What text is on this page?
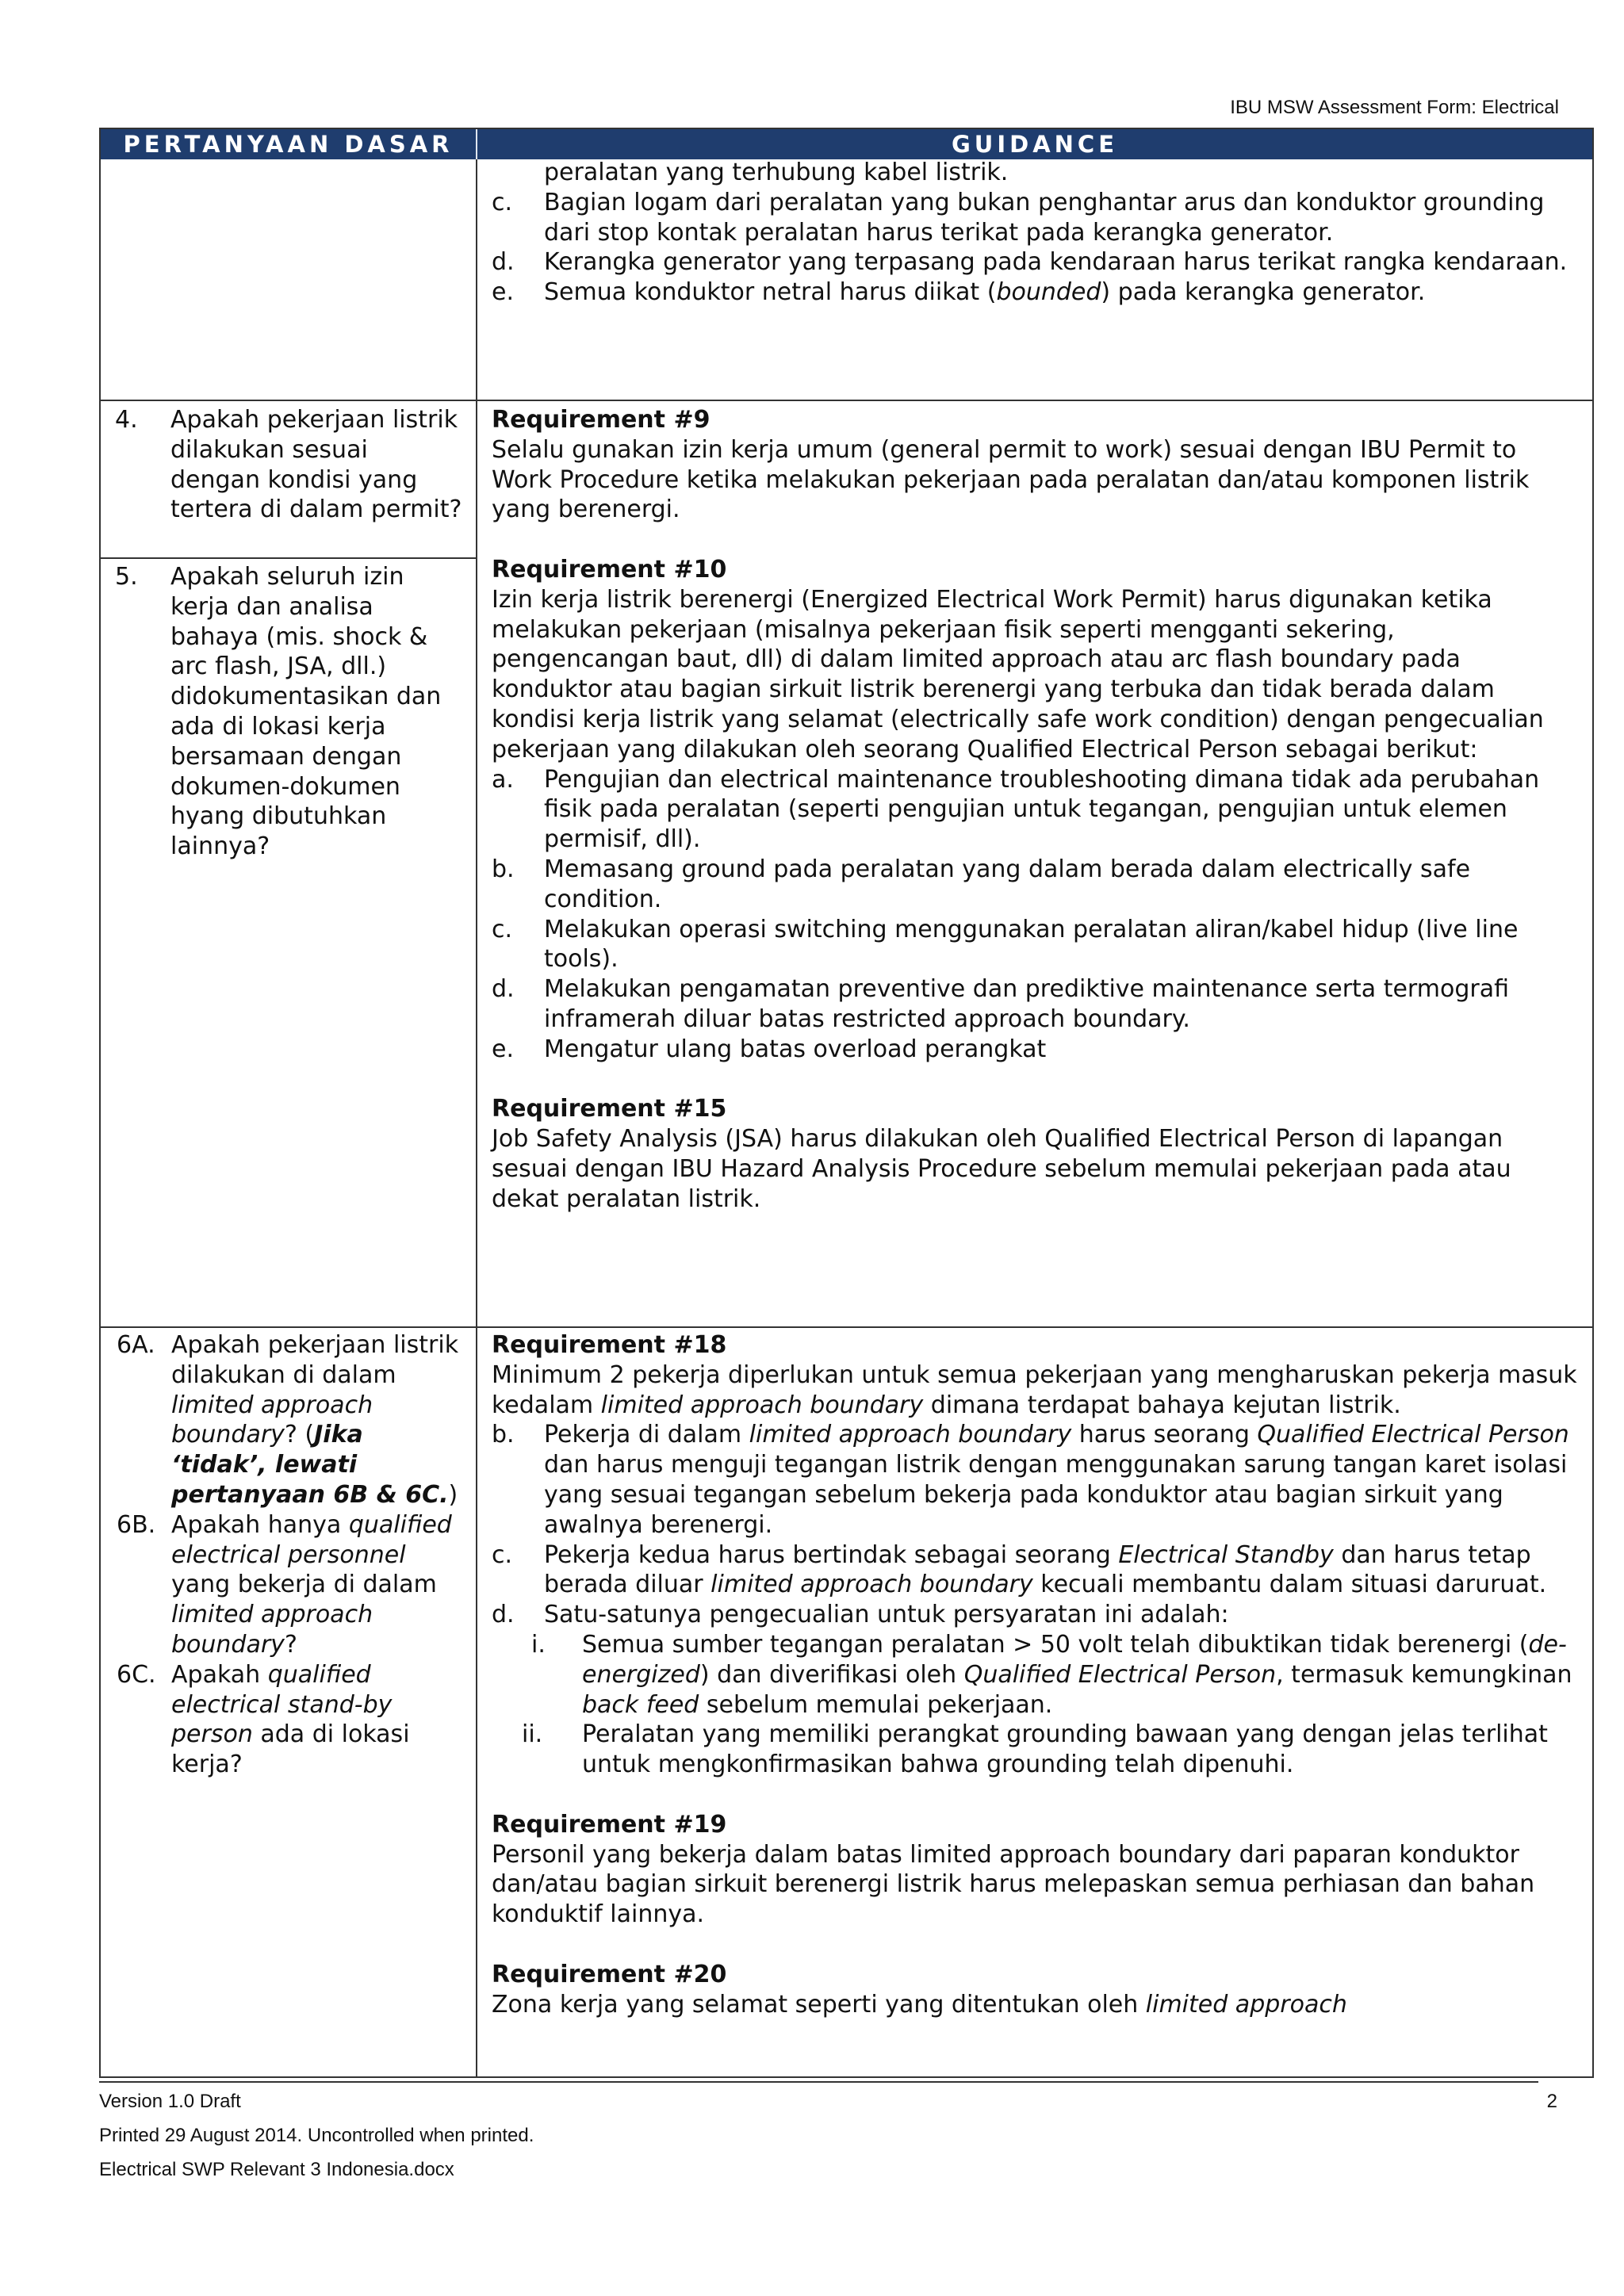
IBU MSW Assessment Form: Electrical
PERTANYAAN DASAR	GUIDANCE
peralatan yang terhubung kabel listrik.
c. Bagian logam dari peralatan yang bukan penghantar arus dan konduktor grounding dari stop kontak peralatan harus terikat pada kerangka generator.
d. Kerangka generator yang terpasang pada kendaraan harus terikat rangka kendaraan.
e. Semua konduktor netral harus diikat (bounded) pada kerangka generator.
4. Apakah pekerjaan listrik dilakukan sesuai dengan kondisi yang tertera di dalam permit?
5. Apakah seluruh izin kerja dan analisa bahaya (mis. shock & arc flash, JSA, dll.) didokumentasikan dan ada di lokasi kerja bersamaan dengan dokumen-dokumen hyang dibutuhkan lainnya?
Requirement #9
Selalu gunakan izin kerja umum (general permit to work) sesuai dengan IBU Permit to Work Procedure ketika melakukan pekerjaan pada peralatan dan/atau komponen listrik yang berenergi.
Requirement #10
Izin kerja listrik berenergi (Energized Electrical Work Permit) harus digunakan ketika melakukan pekerjaan (misalnya pekerjaan fisik seperti mengganti sekering, pengencangan baut, dll) di dalam limited approach atau arc flash boundary pada konduktor atau bagian sirkuit listrik berenergi yang terbuka dan tidak berada dalam kondisi kerja listrik yang selamat (electrically safe work condition) dengan pengecualian pekerjaan yang dilakukan oleh seorang Qualified Electrical Person sebagai berikut:
a. Pengujian dan electrical maintenance troubleshooting dimana tidak ada perubahan fisik pada peralatan (seperti pengujian untuk tegangan, pengujian untuk elemen permisif, dll).
b. Memasang ground pada peralatan yang dalam berada dalam electrically safe condition.
c. Melakukan operasi switching menggunakan peralatan aliran/kabel hidup (live line tools).
d. Melakukan pengamatan preventive dan prediktive maintenance serta termografi inframerah diluar batas restricted approach boundary.
e. Mengatur ulang batas overload perangkat
Requirement #15
Job Safety Analysis (JSA) harus dilakukan oleh Qualified Electrical Person di lapangan sesuai dengan IBU Hazard Analysis Procedure sebelum memulai pekerjaan pada atau dekat peralatan listrik.
6A. Apakah pekerjaan listrik dilakukan di dalam limited approach boundary? (Jika ‘tidak’, lewati pertanyaan 6B & 6C.)
6B. Apakah hanya qualified electrical personnel yang bekerja di dalam limited approach boundary?
6C. Apakah qualified electrical stand-by person ada di lokasi kerja?
Requirement #18
Minimum 2 pekerja diperlukan untuk semua pekerjaan yang mengharuskan pekerja masuk kedalam limited approach boundary dimana terdapat bahaya kejutan listrik.
b. Pekerja di dalam limited approach boundary harus seorang Qualified Electrical Person dan harus menguji tegangan listrik dengan menggunakan sarung tangan karet isolasi yang sesuai tegangan sebelum bekerja pada konduktor atau bagian sirkuit yang awalnya berenergi.
c. Pekerja kedua harus bertindak sebagai seorang Electrical Standby dan harus tetap berada diluar limited approach boundary kecuali membantu dalam situasi daruruat.
d. Satu-satunya pengecualian untuk persyaratan ini adalah:
i. Semua sumber tegangan peralatan > 50 volt telah dibuktikan tidak berenergi (de-energized) dan diverifikasi oleh Qualified Electrical Person, termasuk kemungkinan back feed sebelum memulai pekerjaan.
ii. Peralatan yang memiliki perangkat grounding bawaan yang dengan jelas terlihat untuk mengkonfirmasikan bahwa grounding telah dipenuhi.
Requirement #19
Personil yang bekerja dalam batas limited approach boundary dari paparan konduktor dan/atau bagian sirkuit berenergi listrik harus melepaskan semua perhiasan dan bahan konduktif lainnya.
Requirement #20
Zona kerja yang selamat seperti yang ditentukan oleh limited approach
Version 1.0 Draft	2
Printed 29 August 2014. Uncontrolled when printed.
Electrical SWP Relevant 3 Indonesia.docx
